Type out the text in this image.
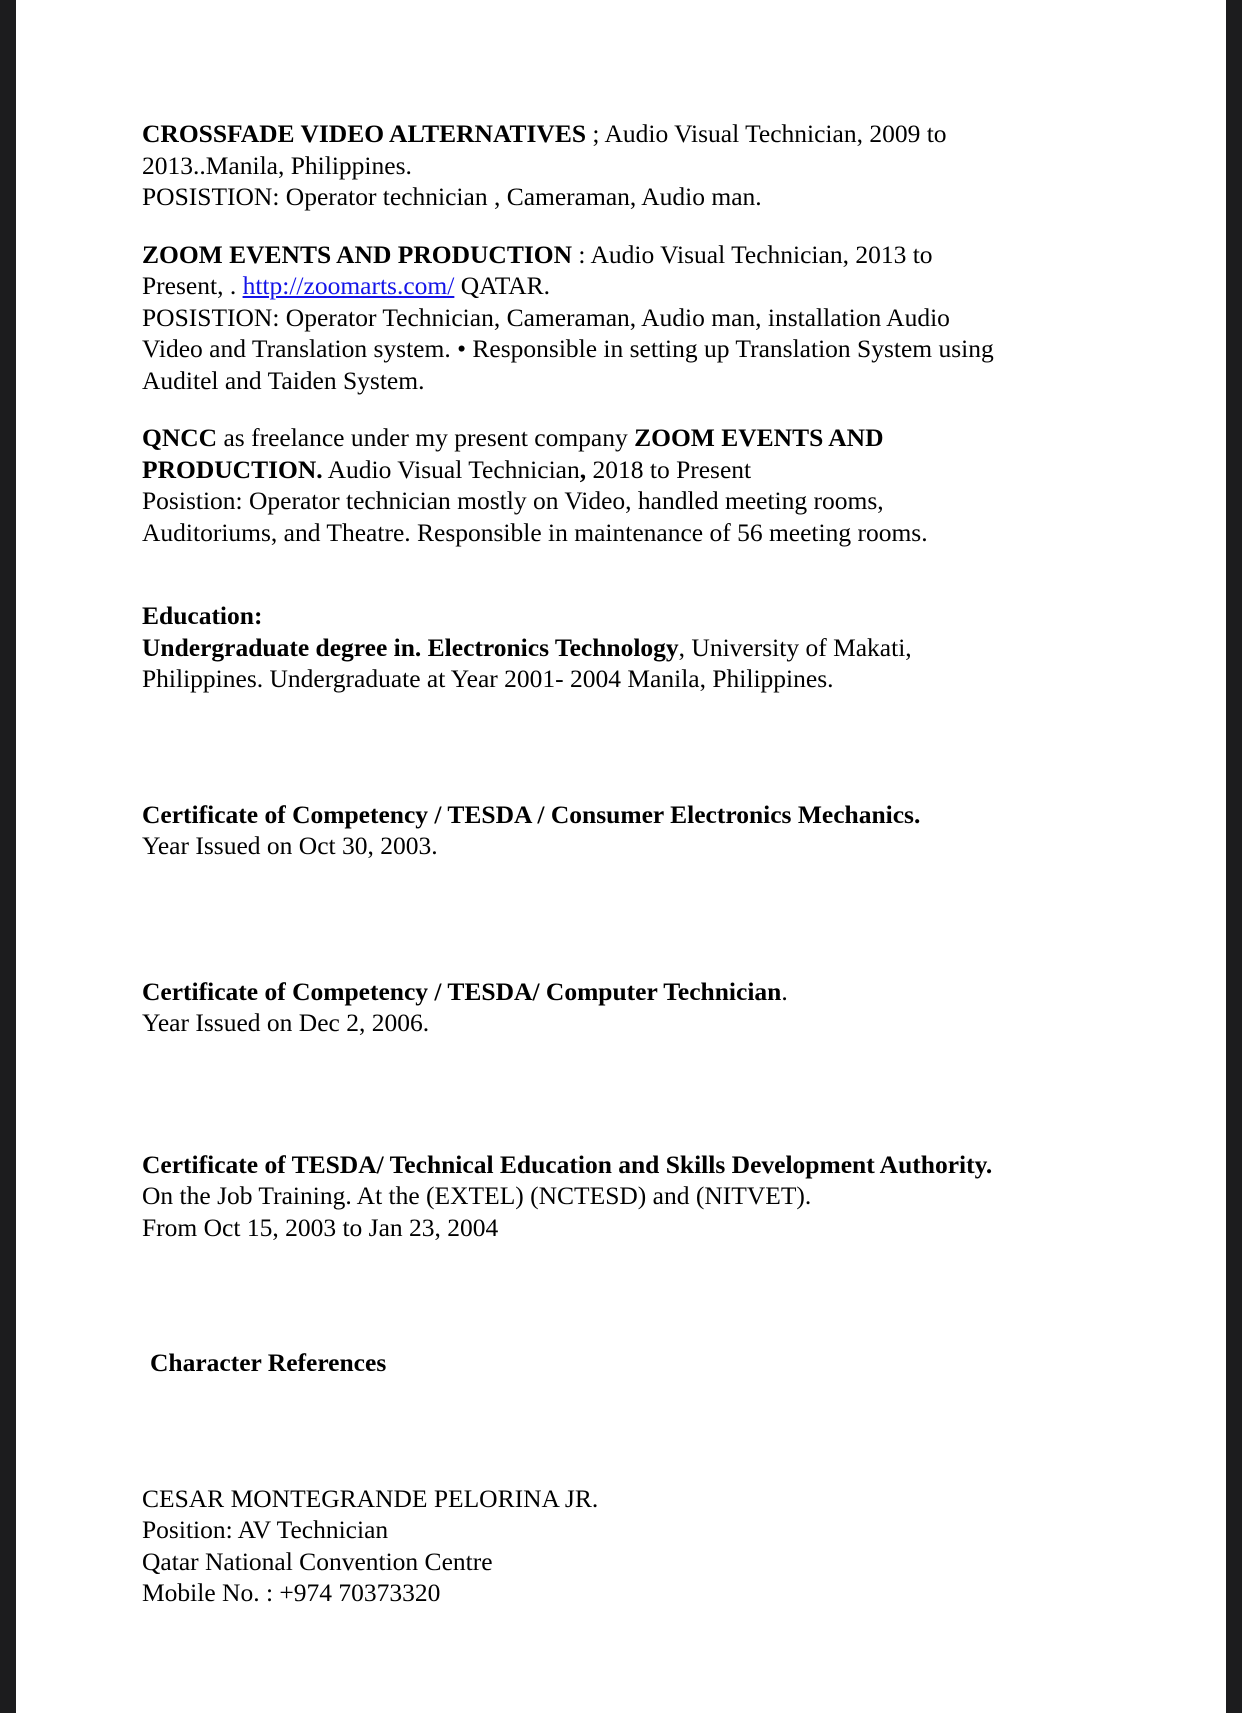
CROSSFADE VIDEO ALTERNATIVES ; Audio Visual Technician, 2009 to 2013..Manila, Philippines.

POSISTION: Operator technician , Cameraman, Audio man.

ZOOM EVENTS AND PRODUCTION : Audio Visual Technician, 2013 to Present, . http://zoomarts.com/ QATAR.

POSISTION: Operator Technician, Cameraman, Audio man, installation Audio Video and Translation system. • Responsible in setting up Translation System using Auditel and Taiden System.

QNCC as freelance under my present company ZOOM EVENTS AND PRODUCTION. Audio Visual Technician, 2018 to Present

Posistion: Operator technician mostly on Video, handled meeting rooms, Auditoriums, and Theatre. Responsible in maintenance of 56 meeting rooms.

Education:

Undergraduate degree in. Electronics Technology, University of Makati, Philippines. Undergraduate at Year 2001- 2004 Manila, Philippines.

Certificate of Competency / TESDA / Consumer Electronics Mechanics.

Year Issued on Oct 30, 2003.

Certificate of Competency / TESDA/ Computer Technician.

Year Issued on Dec 2, 2006.

Certificate of TESDA/ Technical Education and Skills Development Authority. On the Job Training. At the (EXTEL) (NCTESD) and (NITVET).

From Oct 15, 2003 to Jan 23, 2004

Character References

CESAR MONTEGRANDE PELORINA JR.

Position: AV Technician

Qatar National Convention Centre

Mobile No. : +974 70373320
